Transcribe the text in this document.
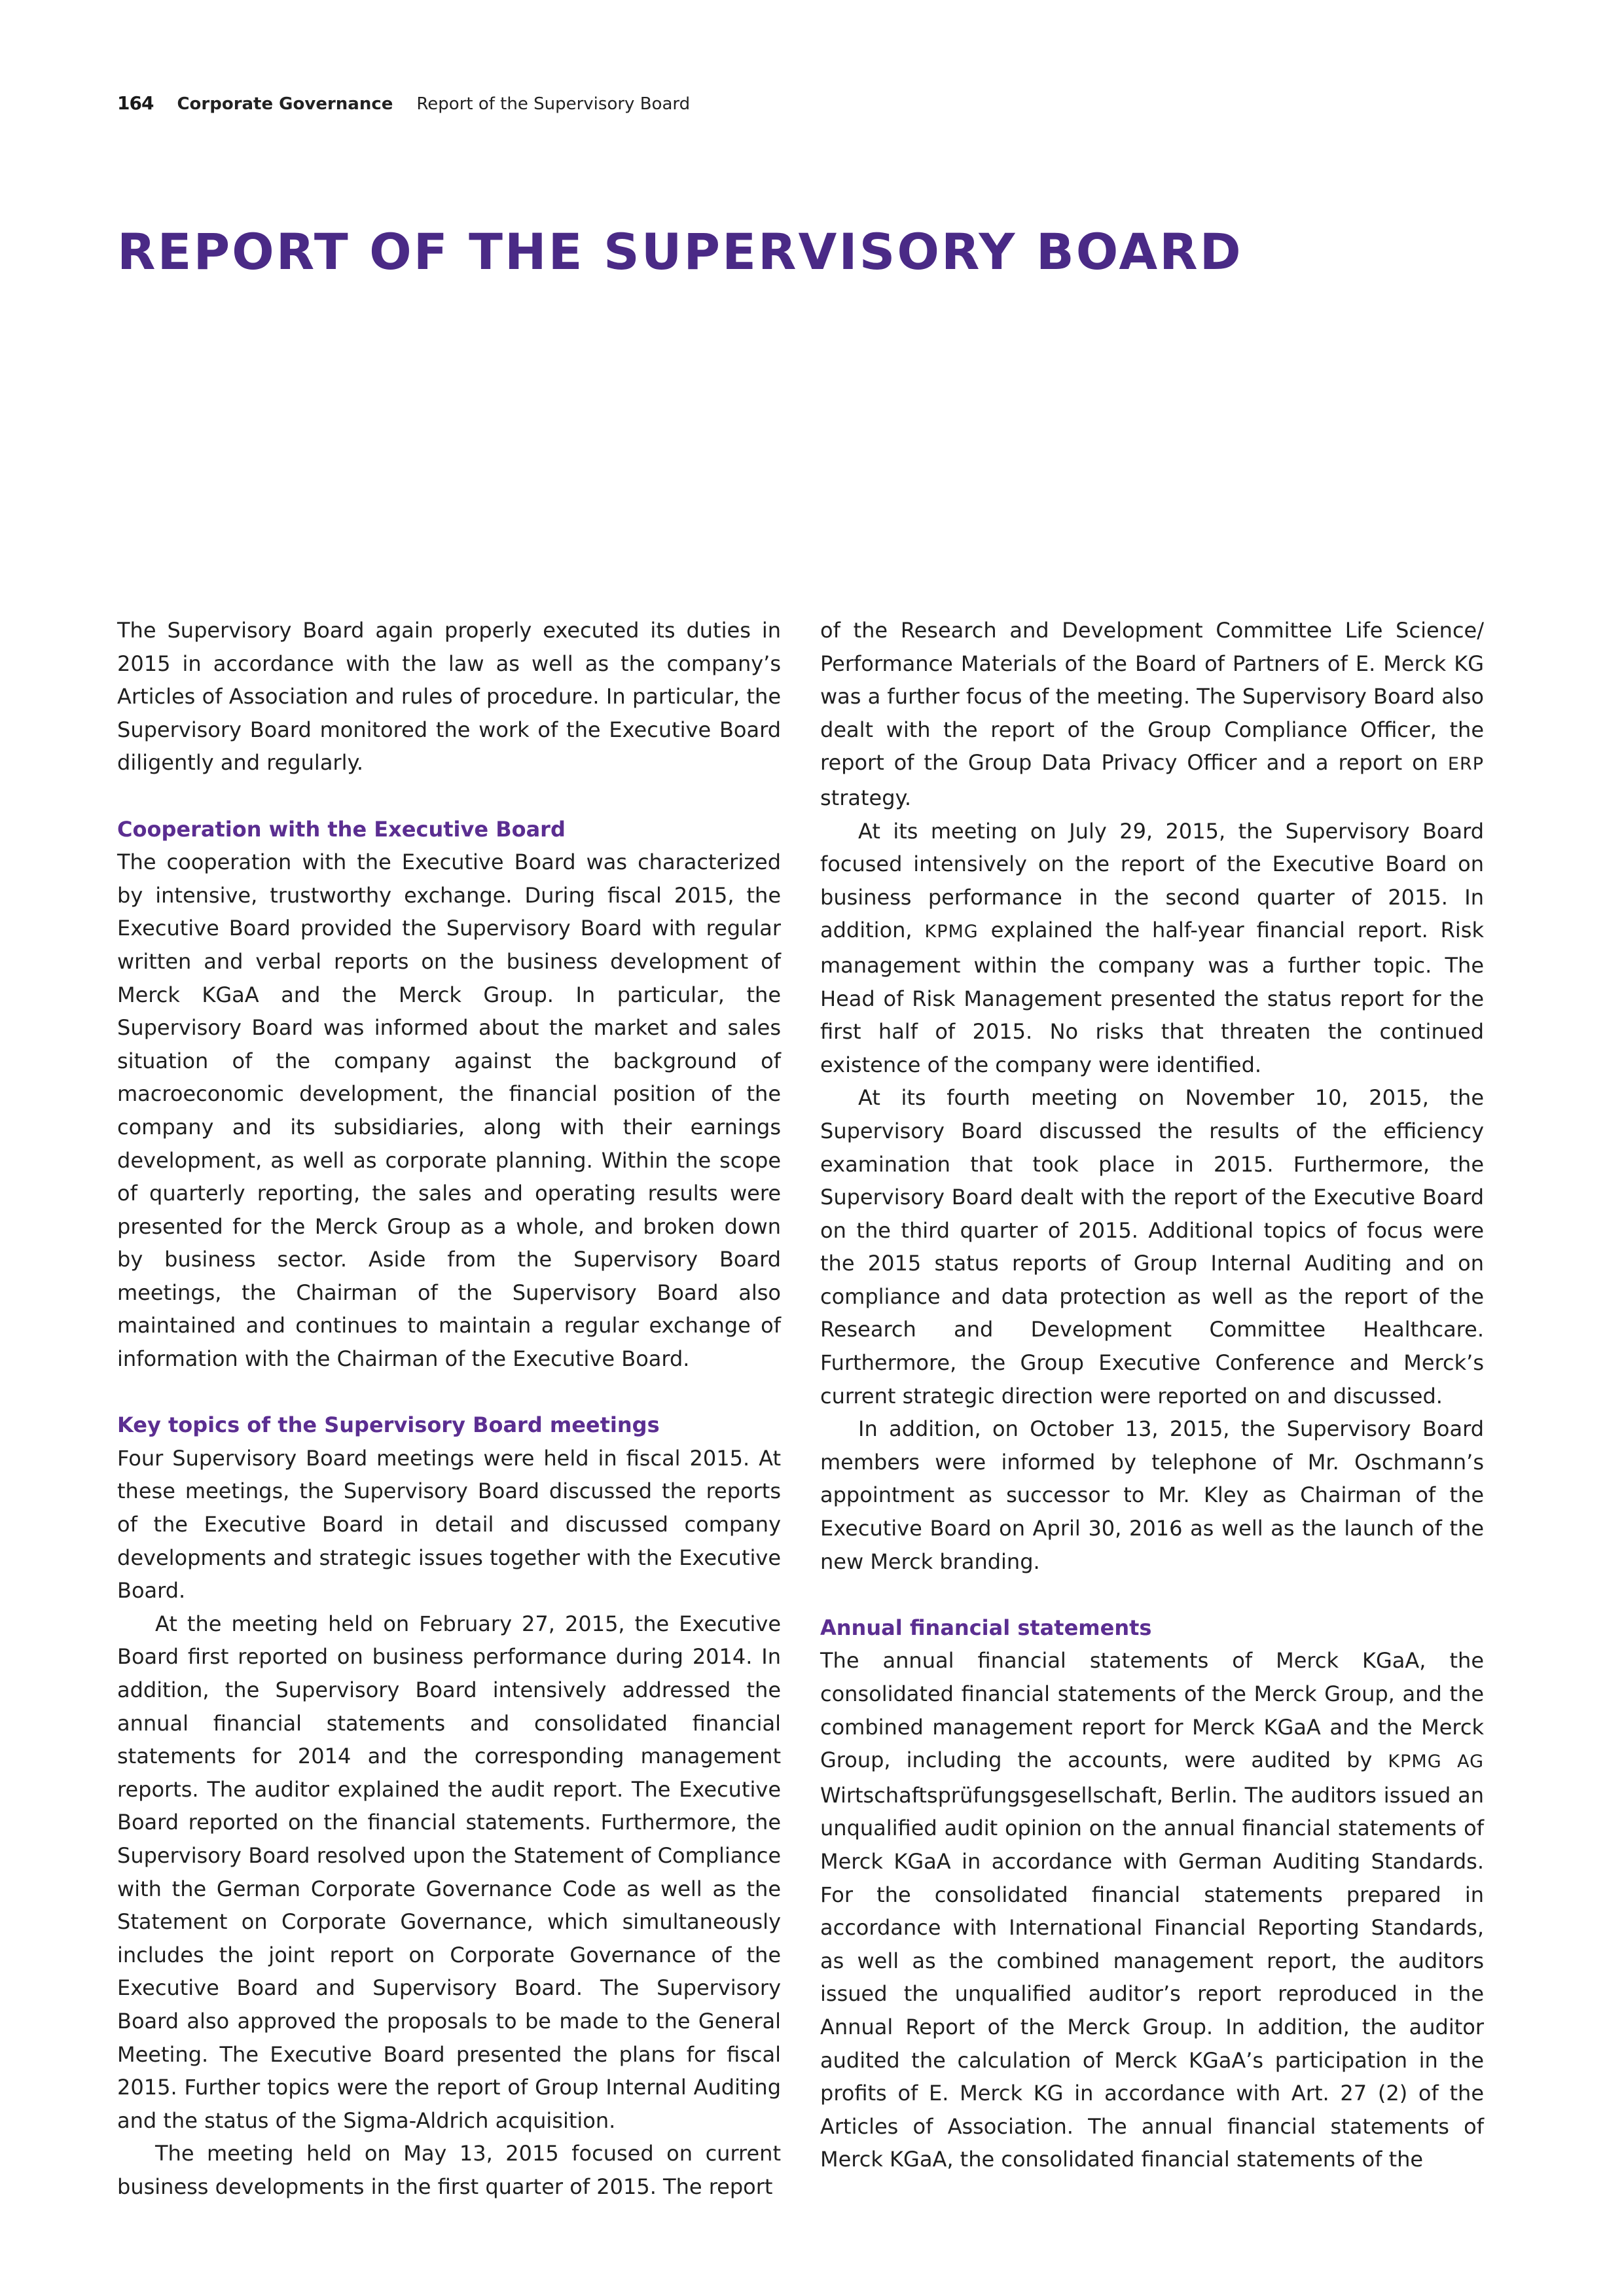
164 Corporate Governance Report of the Supervisory Board
REPORT OF THE SUPERVISORY BOARD

The Supervisory Board again properly executed its duties in 2015 in accordance with the law as well as the company’s Articles of Association and rules of procedure. In particular, the Supervisory Board monitored the work of the Executive Board diligently and regularly.

Cooperation with the Executive Board

The cooperation with the Executive Board was characterized by intensive, trustworthy exchange. During fiscal 2015, the Executive Board provided the Supervisory Board with regular written and verbal reports on the business development of Merck KGaA and the Merck Group. In particular, the Supervisory Board was informed about the market and sales situation of the company against the background of macroeconomic development, the financial position of the company and its subsidiaries, along with their earnings development, as well as corporate planning. Within the scope of quarterly reporting, the sales and operating results were presented for the Merck Group as a whole, and broken down by business sector. Aside from the Supervisory Board meetings, the Chairman of the Supervisory Board also maintained and continues to maintain a regular exchange of information with the Chairman of the Executive Board.

Key topics of the Supervisory Board meetings

Four Supervisory Board meetings were held in fiscal 2015. At these meetings, the Supervisory Board discussed the reports of the Executive Board in detail and discussed company developments and strategic issues together with the Executive Board.

At the meeting held on February 27, 2015, the Executive Board first reported on business performance during 2014. In addition, the Supervisory Board intensively addressed the annual financial statements and consolidated financial statements for 2014 and the corresponding management reports. The auditor explained the audit report. The Executive Board reported on the financial statements. Furthermore, the Supervisory Board resolved upon the Statement of Compliance with the German Corporate Governance Code as well as the Statement on Corporate Governance, which simultaneously includes the joint report on Corporate Governance of the Executive Board and Supervisory Board. The Supervisory Board also approved the proposals to be made to the General Meeting. The Executive Board presented the plans for fiscal 2015. Further topics were the report of Group Internal Auditing and the status of the Sigma-Aldrich acquisition.

The meeting held on May 13, 2015 focused on current business developments in the first quarter of 2015. The report

of the Research and Development Committee Life Science/ Performance Materials of the Board of Partners of E. Merck KG was a further focus of the meeting. The Supervisory Board also dealt with the report of the Group Compliance Officer, the report of the Group Data Privacy Officer and a report on ERP strategy.

At its meeting on July 29, 2015, the Supervisory Board focused intensively on the report of the Executive Board on business performance in the second quarter of 2015. In addition, KPMG explained the half-year financial report. Risk management within the company was a further topic. The Head of Risk Management presented the status report for the first half of 2015. No risks that threaten the continued existence of the company were identified.

At its fourth meeting on November 10, 2015, the Supervisory Board discussed the results of the efficiency examination that took place in 2015. Furthermore, the Supervisory Board dealt with the report of the Executive Board on the third quarter of 2015. Additional topics of focus were the 2015 status reports of Group Internal Auditing and on compliance and data protection as well as the report of the Research and Development Committee Healthcare. Furthermore, the Group Executive Conference and Merck’s current strategic direction were reported on and discussed.

In addition, on October 13, 2015, the Supervisory Board members were informed by telephone of Mr. Oschmann’s appointment as successor to Mr. Kley as Chairman of the Executive Board on April 30, 2016 as well as the launch of the new Merck branding.

Annual financial statements

The annual financial statements of Merck KGaA, the consolidated financial statements of the Merck Group, and the combined management report for Merck KGaA and the Merck Group, including the accounts, were audited by KPMG AG Wirtschaftsprüfungsgesellschaft, Berlin. The auditors issued an unqualified audit opinion on the annual financial statements of Merck KGaA in accordance with German Auditing Standards. For the consolidated financial statements prepared in accordance with International Financial Reporting Standards, as well as the combined management report, the auditors issued the unqualified auditor’s report reproduced in the Annual Report of the Merck Group. In addition, the auditor audited the calculation of Merck KGaA’s participation in the profits of E. Merck KG in accordance with Art. 27 (2) of the Articles of Association. The annual financial statements of Merck KGaA, the consolidated financial statements of the
